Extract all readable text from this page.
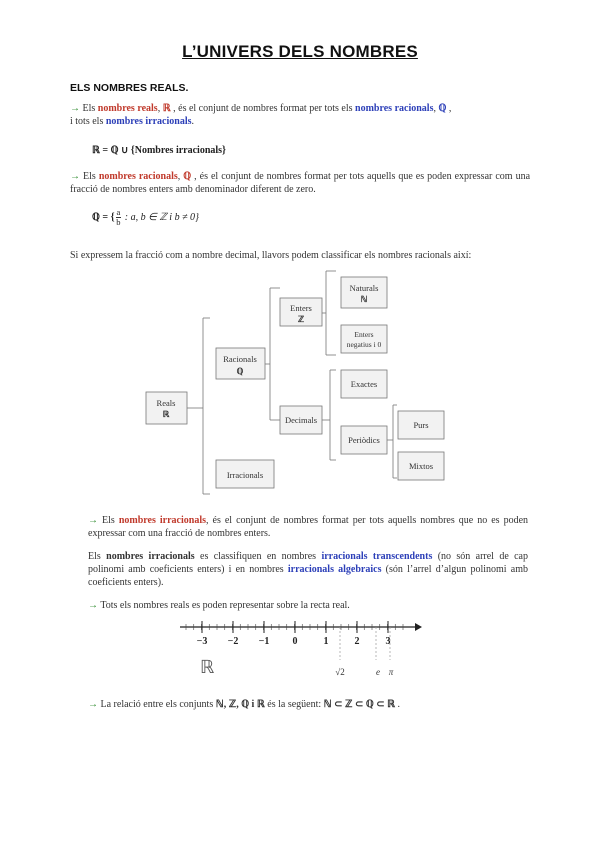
L’UNIVERS DELS NOMBRES
ELS NOMBRES REALS.
→ Els nombres reals, ℝ , és el conjunt de nombres format per tots els nombres racionals, ℚ ,
i tots els nombres irracionals.
ℝ = ℚ ∪ {Nombres irracionals}
→ Els nombres racionals, ℚ , és el conjunt de nombres format per tots aquells que es poden expressar com una fracció de nombres enters amb denominador diferent de zero.
ℚ = { $\frac{a}{b}$ : a, b ∈ ℤ i b ≠ 0}
Si expressem la fracció com a nombre decimal, llavors podem classificar els nombres racionals així:
Reals
ℝ
Racionals
ℚ
Irracionals
Enters
ℤ
Decimals
Naturals
ℕ
Enters
negatius i 0
Exactes
Periòdics
Purs
Mixtos
→ Els nombres irracionals, és el conjunt de nombres format per tots aquells nombres que no es poden expressar com una fracció de nombres enters.
Els nombres irracionals es classifiquen en nombres irracionals transcendents (no són arrel de cap polinomi amb coeficients enters) i en nombres irracionals algebraics (són l’arrel d’algun polinomi amb coeficients enters).
→ Tots els nombres reals es poden representar sobre la recta real.
−3 −2 −1 0	1	2	3
√2	e π
ℝ
→ La relació entre els conjunts ℕ, ℤ, ℚ i ℝ és la següent: ℕ ⊂ ℤ ⊂ ℚ ⊂ ℝ .
